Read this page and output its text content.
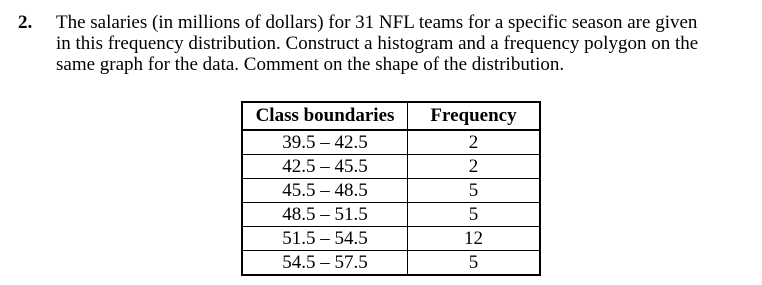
2. The salaries (in millions of dollars) for 31 NFL teams for a specific season are given
in this frequency distribution. Construct a histogram and a frequency polygon on the
same graph for the data. Comment on the shape of the distribution.
Class boundaries	Frequency
39.5 – 42.5	2
42.5 – 45.5	2
45.5 – 48.5	5
48.5 – 51.5	5
51.5 – 54.5	12
54.5 – 57.5	5
